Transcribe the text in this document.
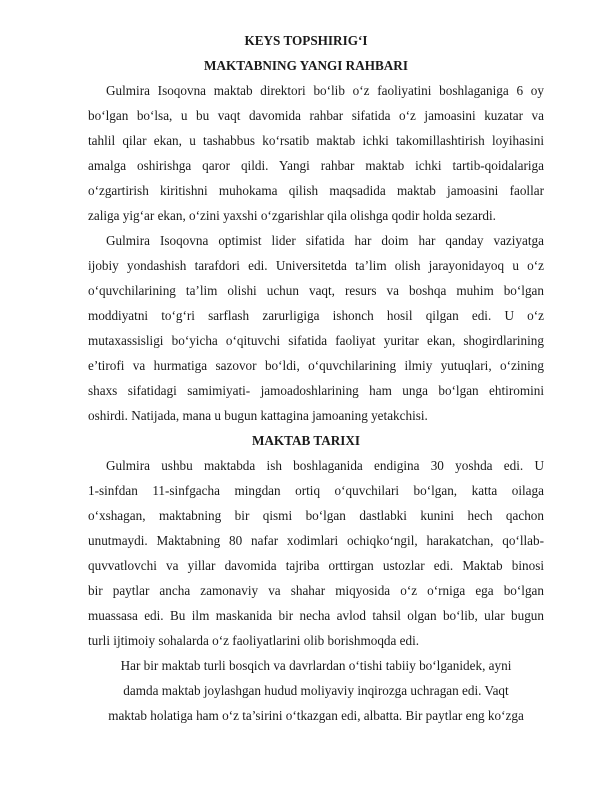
KEYS TOPSHIRIG‘I
MAKTABNING YANGI RAHBARI
Gulmira Isoqovna maktab direktori bo‘lib o‘z faoliyatini boshlaganiga 6 oy
bo‘lgan bo‘lsa, u bu vaqt davomida rahbar sifatida o‘z jamoasini kuzatar va
tahlil qilar ekan, u tashabbus ko‘rsatib maktab ichki takomillashtirish loyihasini
amalga oshirishga qaror qildi. Yangi rahbar maktab ichki tartib-qoidalariga
o‘zgartirish kiritishni muhokama qilish maqsadida maktab jamoasini faollar
zaliga yig‘ar ekan, o‘zini yaxshi o‘zgarishlar qila olishga qodir holda sezardi.
Gulmira Isoqovna optimist lider sifatida har doim har qanday vaziyatga
ijobiy yondashish tarafdori edi. Universitetda ta’lim olish jarayonidayoq u o‘z
o‘quvchilarining ta’lim olishi uchun vaqt, resurs va boshqa muhim bo‘lgan
moddiyatni to‘g‘ri sarflash zarurligiga ishonch hosil qilgan edi. U o‘z
mutaxassisligi bo‘yicha o‘qituvchi sifatida faoliyat yuritar ekan, shogirdlarining
e’tirofi va hurmatiga sazovor bo‘ldi, o‘quvchilarining ilmiy yutuqlari, o‘zining
shaxs sifatidagi samimiyati- jamoadoshlarining ham unga bo‘lgan ehtiromini
oshirdi. Natijada, mana u bugun kattagina jamoaning yetakchisi.
MAKTAB TARIXI
Gulmira ushbu maktabda ish boshlaganida endigina 30 yoshda edi. U
1-sinfdan 11-sinfgacha mingdan ortiq o‘quvchilari bo‘lgan, katta oilaga
o‘xshagan, maktabning bir qismi bo‘lgan dastlabki kunini hech qachon
unutmaydi. Maktabning 80 nafar xodimlari ochiqko‘ngil, harakatchan, qo‘llab-
quvvatlovchi va yillar davomida tajriba orttirgan ustozlar edi. Maktab binosi
bir paytlar ancha zamonaviy va shahar miqyosida o‘z o‘rniga ega bo‘lgan
muassasa edi. Bu ilm maskanida bir necha avlod tahsil olgan bo‘lib, ular bugun
turli ijtimoiy sohalarda o‘z faoliyatlarini olib borishmoqda edi.
Har bir maktab turli bosqich va davrlardan o‘tishi tabiiy bo‘lganidek, ayni
damda maktab joylashgan hudud moliyaviy inqirozga uchragan edi. Vaqt
maktab holatiga ham o‘z ta’sirini o‘tkazgan edi, albatta. Bir paytlar eng ko‘zga
